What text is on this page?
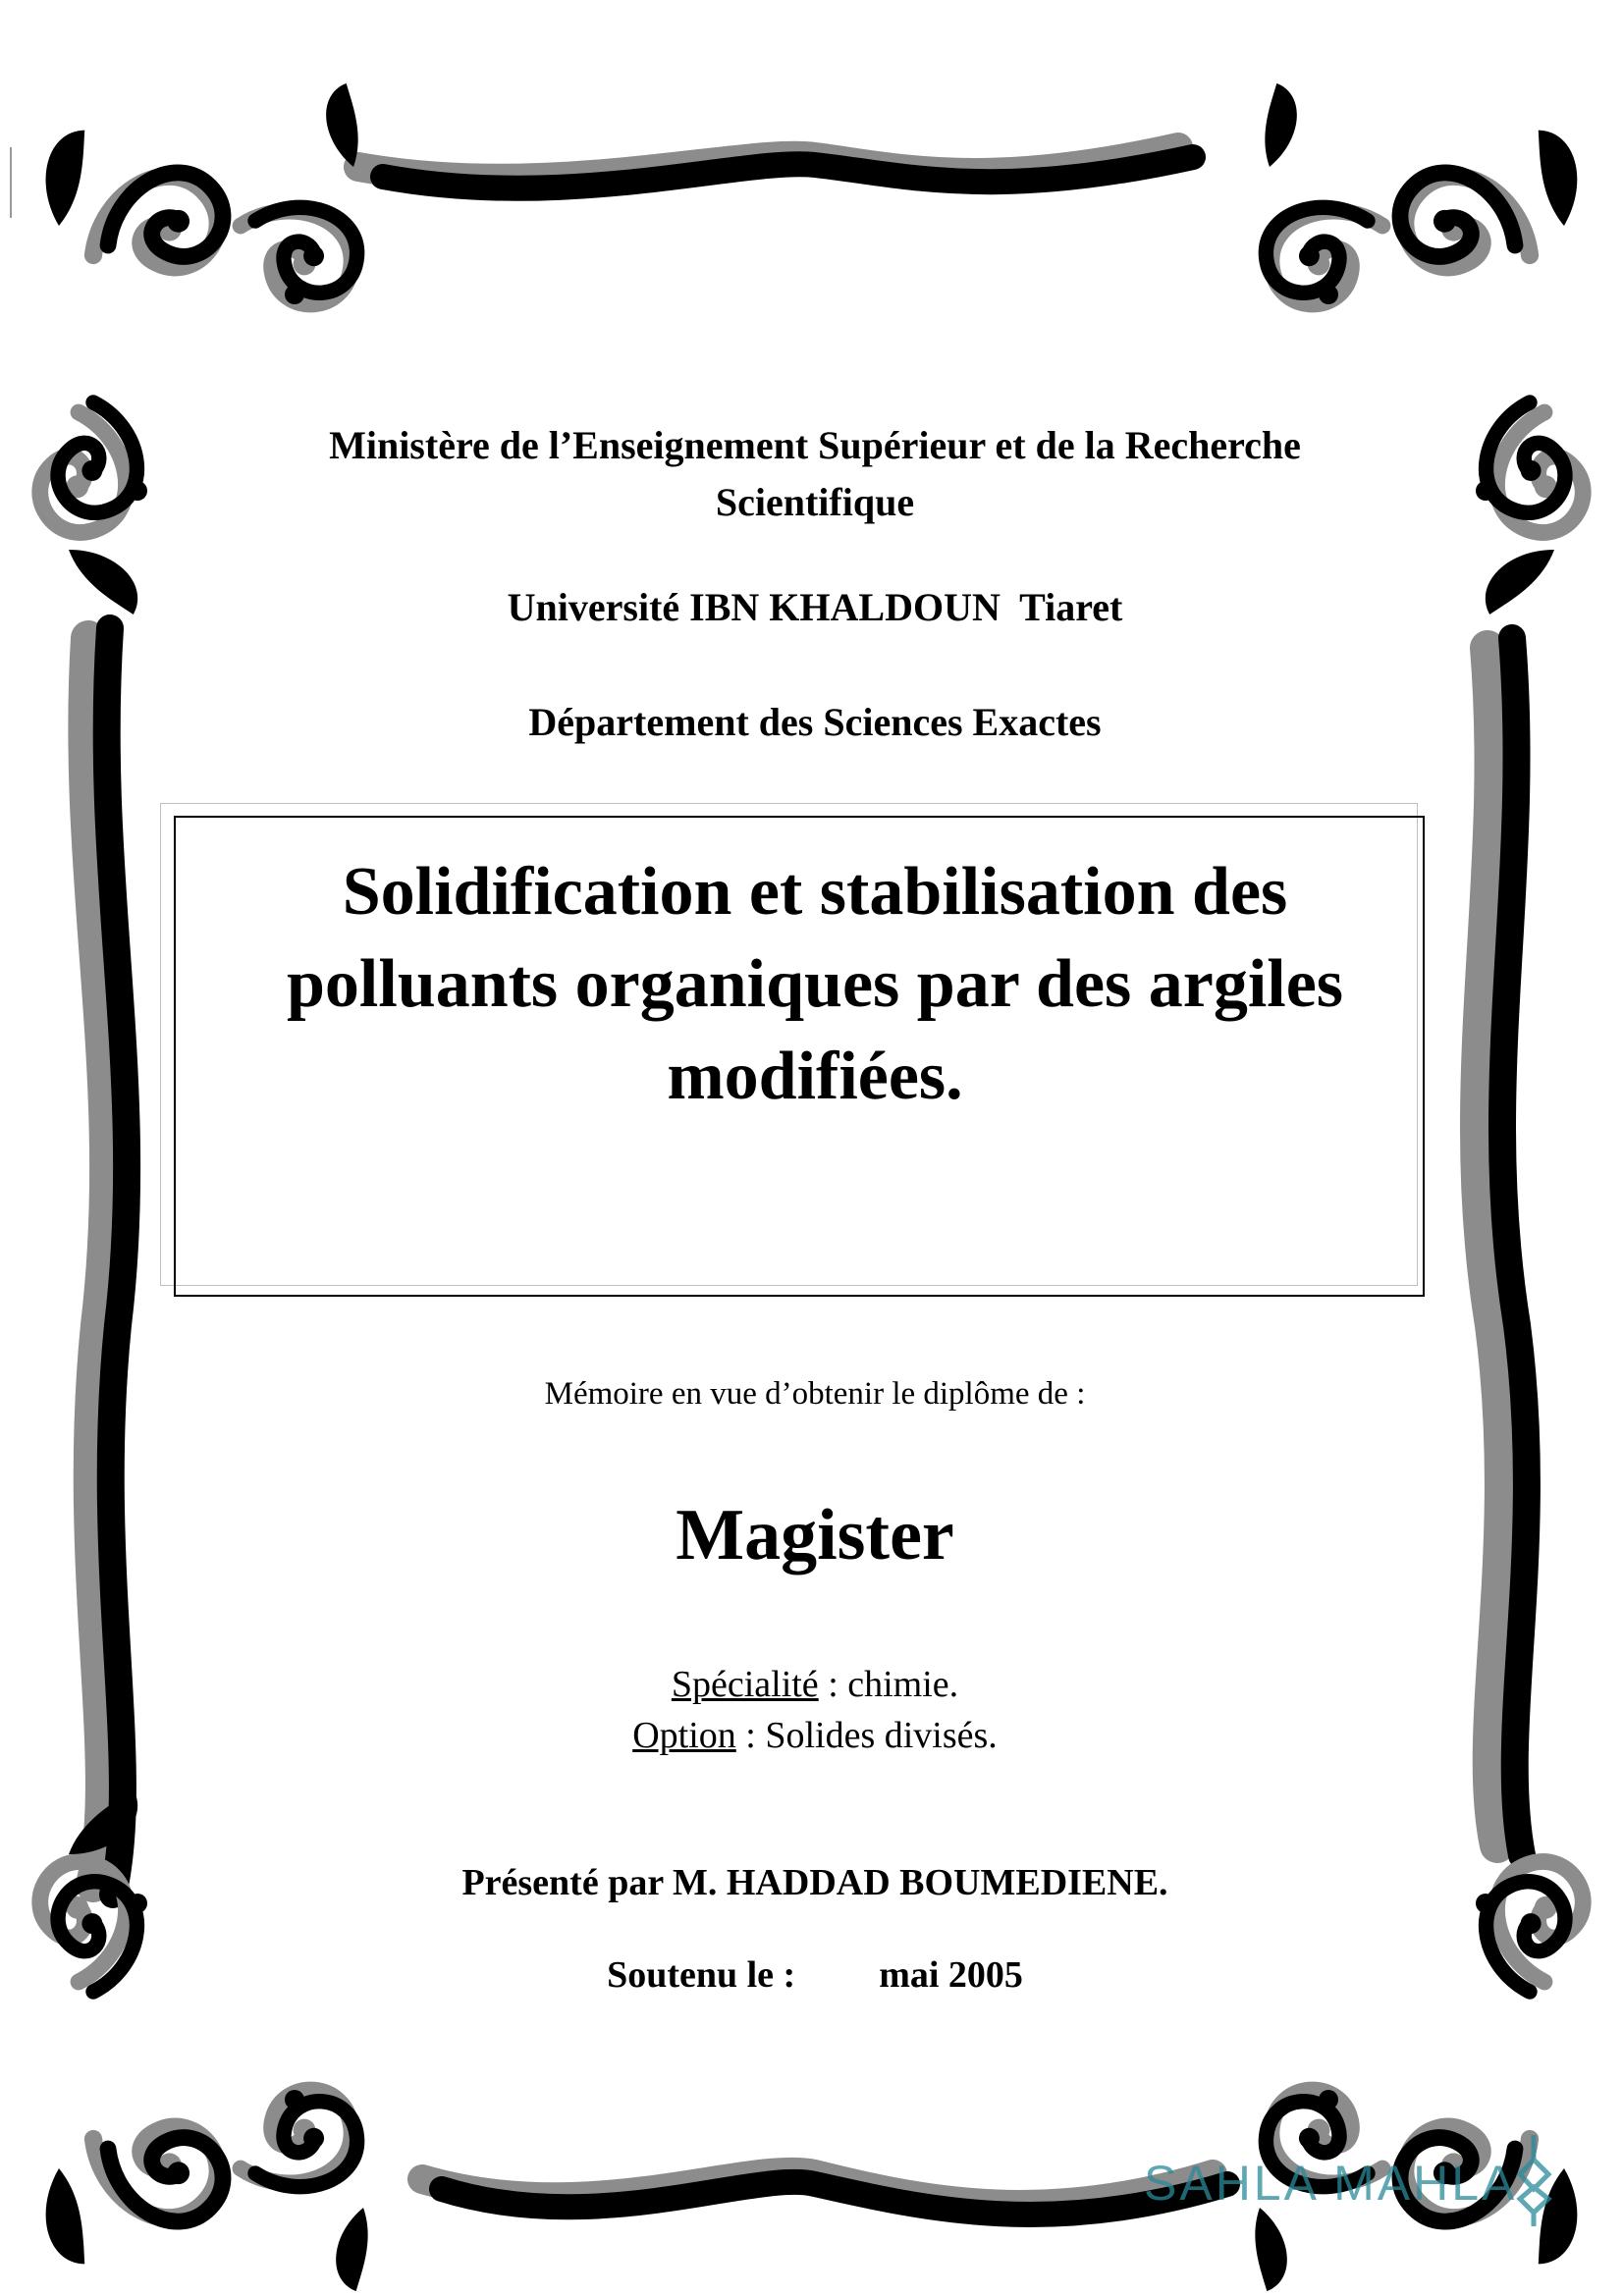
Ministère de l’Enseignement Supérieur et de la Recherche
Scientifique
Université IBN KHALDOUN  Tiaret
Département des Sciences Exactes
Solidification et stabilisation des
polluants organiques par des argiles
modifiées.
Mémoire en vue d’obtenir le diplôme de :
Magister
Spécialité : chimie.
Option : Solides divisés.
Présenté par M. HADDAD BOUMEDIENE.
Soutenu le : mai 2005
SAHLA MAHLA
